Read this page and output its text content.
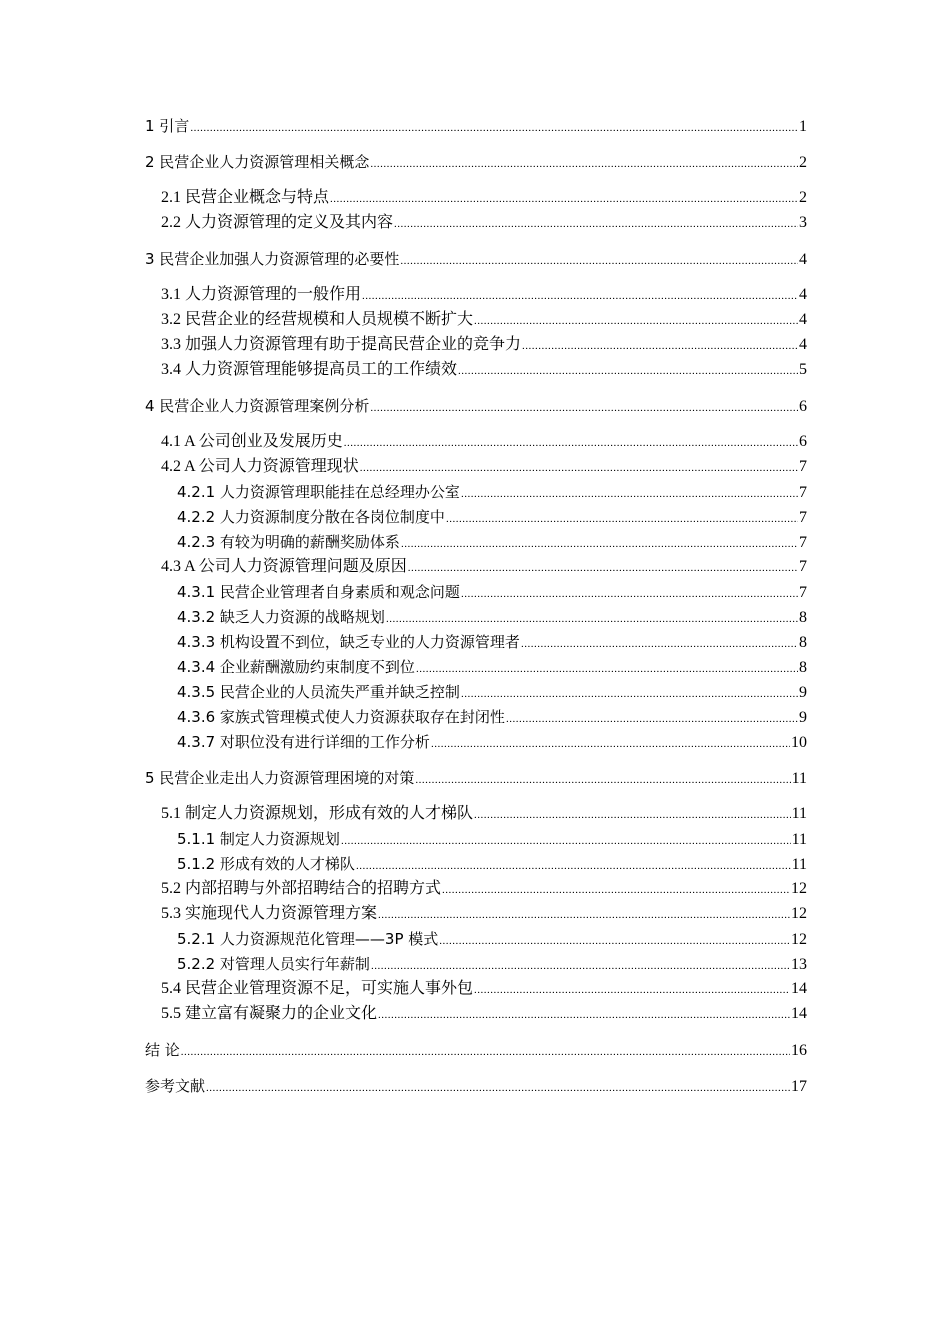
1 引言 .....	1
2 民营企业人力资源管理相关概念 .....	2
2.1 民营企业概念与特点 .....	2
2.2 人力资源管理的定义及其内容 .....	3
3 民营企业加强人力资源管理的必要性 .....	4
3.1 人力资源管理的一般作用 .....	4
3.2 民营企业的经营规模和人员规模不断扩大 .....	4
3.3 加强人力资源管理有助于提高民营企业的竞争力 .....	4
3.4 人力资源管理能够提高员工的工作绩效 .....	5
4 民营企业人力资源管理案例分析 .....	6
4.1 A 公司创业及发展历史 .....	6
4.2 A 公司人力资源管理现状 .....	7
4.2.1 人力资源管理职能挂在总经理办公室 .....	7
4.2.2 人力资源制度分散在各岗位制度中 .....	7
4.2.3 有较为明确的薪酬奖励体系 .....	7
4.3 A 公司人力资源管理问题及原因 .....	7
4.3.1 民营企业管理者自身素质和观念问题 .....	7
4.3.2 缺乏人力资源的战略规划 .....	8
4.3.3 机构设置不到位，缺乏专业的人力资源管理者 .....	8
4.3.4 企业薪酬激励约束制度不到位 .....	8
4.3.5 民营企业的人员流失严重并缺乏控制 .....	9
4.3.6 家族式管理模式使人力资源获取存在封闭性 .....	9
4.3.7 对职位没有进行详细的工作分析 .....	10
5 民营企业走出人力资源管理困境的对策 .....	11
5.1 制定人力资源规划，形成有效的人才梯队 .....	11
5.1.1 制定人力资源规划 .....	11
5.1.2 形成有效的人才梯队 .....	11
5.2 内部招聘与外部招聘结合的招聘方式 .....	12
5.3 实施现代人力资源管理方案 .....	12
5.2.1 人力资源规范化管理——3P 模式 .....	12
5.2.2 对管理人员实行年薪制 .....	13
5.4 民营企业管理资源不足，可实施人事外包 .....	14
5.5 建立富有凝聚力的企业文化 .....	14
结 论 .....	16
参考文献 .....	17
